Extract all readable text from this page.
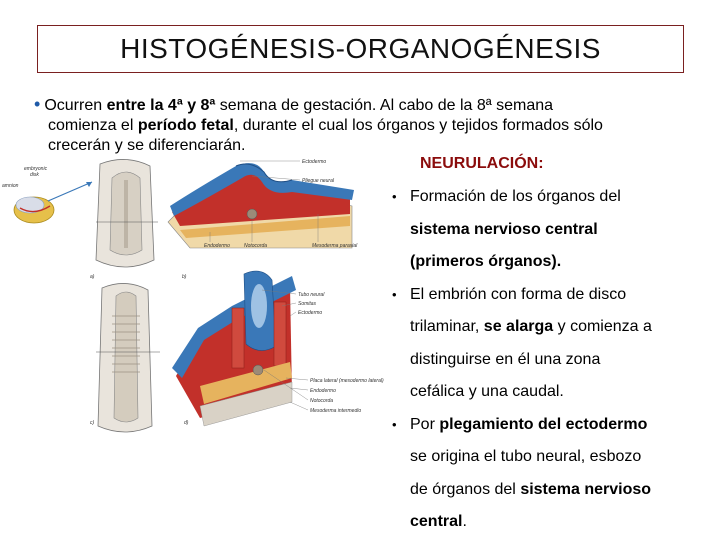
HISTOGÉNESIS - ORGANOGÉNESIS
• Ocurren entre la 4ª y 8ª semana de gestación. Al cabo de la 8ª semana
comienza el período fetal, durante el cual los órganos y tejidos formados sólo
crecerán y se diferenciarán.
embryonic
disk
amnion
a)
Ectodermo
Pliegue neural
Endodermo	Notocorda	Mesoderma paraxial
b)
c)
Tubo neural
Somitas
Ectodermo
Placa lateral (mesodermo lateral)
Endodermo
Notocorda
Mesoderma intermedio
d)
NEURULACIÓN:
• Formación de los órganos del
sistema nervioso central
(primeros órganos).
• El embrión con forma de disco
trilaminar, se alarga y comienza a
distinguirse en él una zona
cefálica y una caudal.
• Por plegamiento del ectodermo
se origina el tubo neural, esbozo
de órganos del sistema nervioso
central.
